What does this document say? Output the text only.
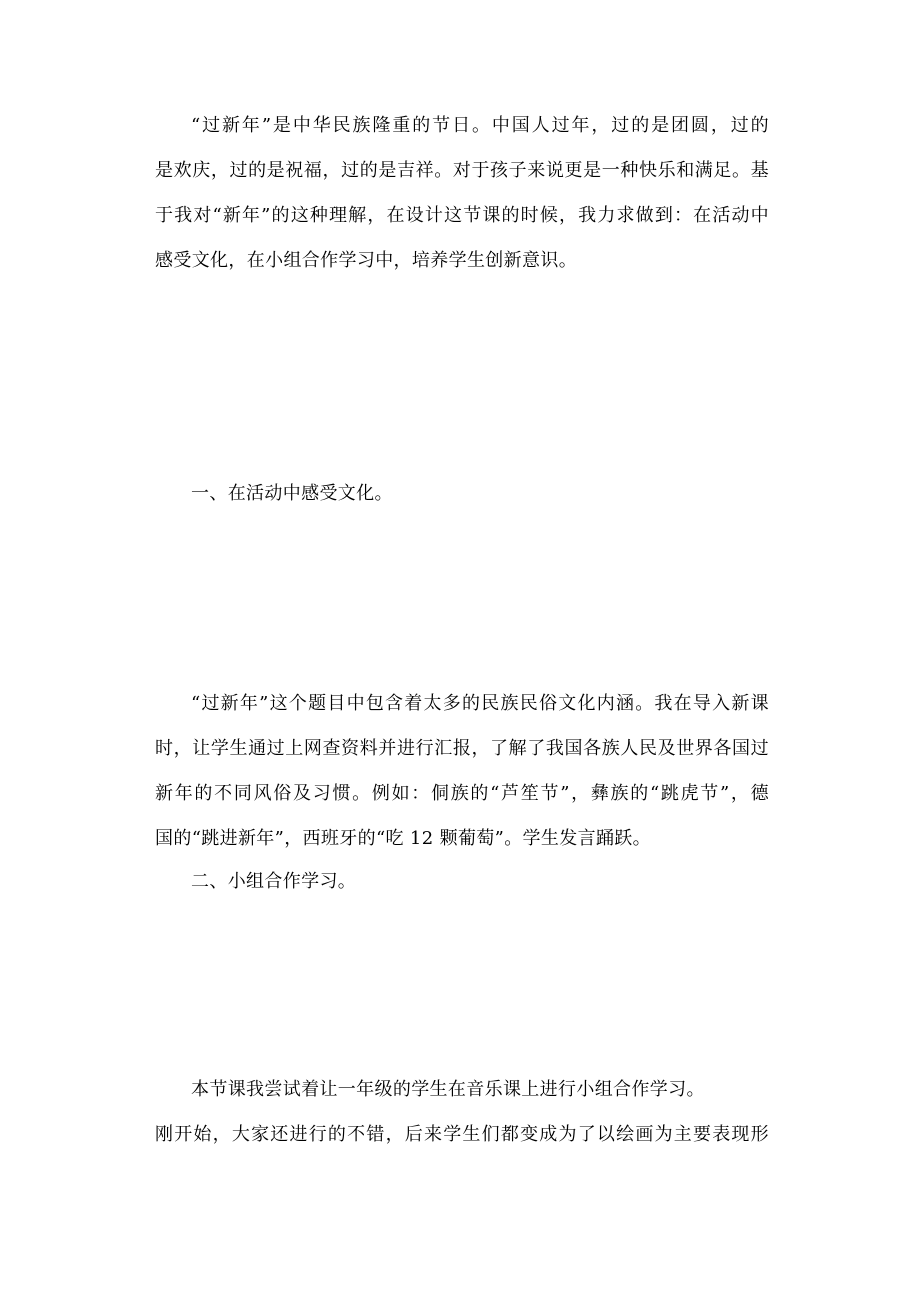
“过新年”是中华民族隆重的节日。中国人过年，过的是团圆，过的
是欢庆，过的是祝福，过的是吉祥。对于孩子来说更是一种快乐和满足。基
于我对“新年”的这种理解，在设计这节课的时候，我力求做到：在活动中
感受文化，在小组合作学习中，培养学生创新意识。
一、在活动中感受文化。
“过新年”这个题目中包含着太多的民族民俗文化内涵。我在导入新课
时，让学生通过上网查资料并进行汇报，了解了我国各族人民及世界各国过
新年的不同风俗及习惯。例如：侗族的“芦笙节”，彝族的“跳虎节”，德
国的“跳进新年”，西班牙的“吃 12 颗葡萄”。学生发言踊跃。
二、小组合作学习。
本节课我尝试着让一年级的学生在音乐课上进行小组合作学习。
刚开始，大家还进行的不错，后来学生们都变成为了以绘画为主要表现形
